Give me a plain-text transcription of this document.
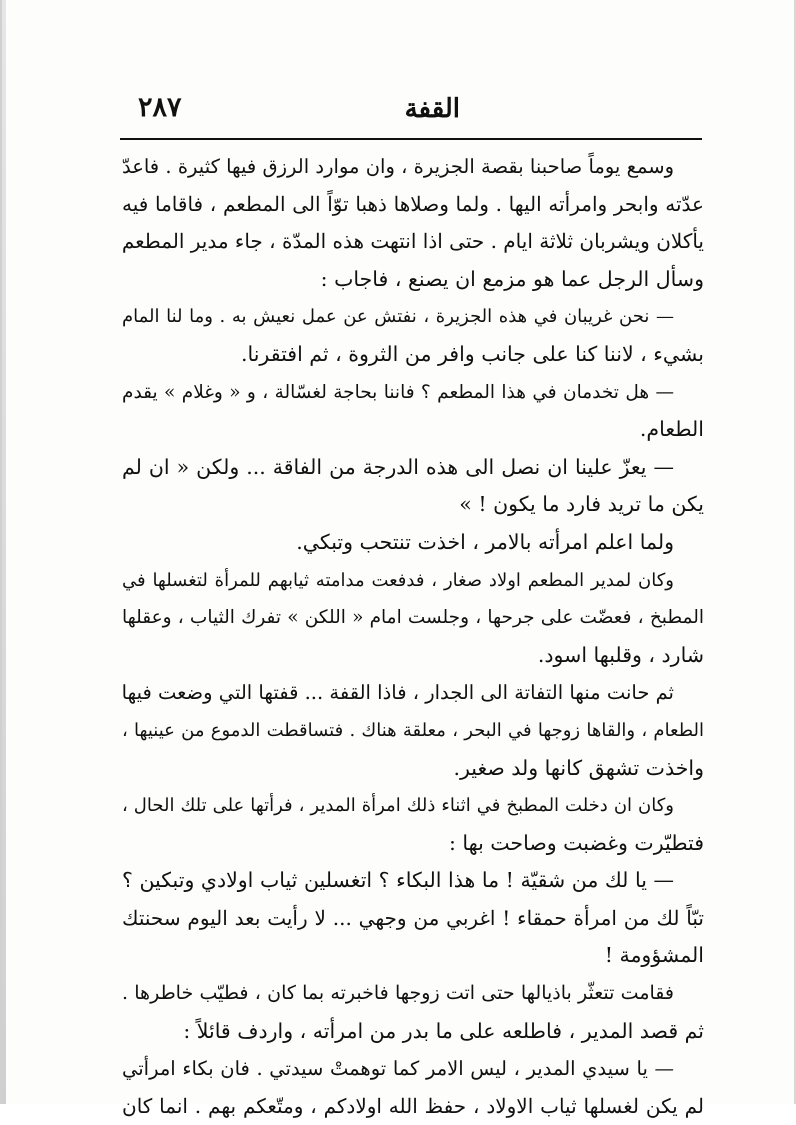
٢٨٧	القفة
وسمع يوماً صاحبنا بقصة الجزيرة ، وان موارد الرزق فيها كثيرة . فاعدّ
عدّته وابحر وامرأته اليها . ولما وصلاها ذهبا توّاً الى المطعم ، فاقاما فيه
يأكلان ويشربان ثلاثة ايام . حتى اذا انتهت هذه المدّة ، جاء مدير المطعم
وسأل الرجل عما هو مزمع ان يصنع ، فاجاب :
— نحن غريبان في هذه الجزيرة ، نفتش عن عمل نعيش به . وما لنا المام
بشيء ، لاننا كنا على جانب وافر من الثروة ، ثم افتقرنا.
— هل تخدمان في هذا المطعم ؟ فاننا بحاجة لغسّالة ، و « وغلام » يقدم
الطعام.
— يعزّ علينا ان نصل الى هذه الدرجة من الفاقة ... ولكن « ان لم
يكن ما تريد فارد ما يكون ! »
ولما اعلم امرأته بالامر ، اخذت تنتحب وتبكي.
وكان لمدير المطعم اولاد صغار ، فدفعت مدامته ثيابهم للمرأة لتغسلها في
المطبخ ، فعضّت على جرحها ، وجلست امام « اللكن » تفرك الثياب ، وعقلها
شارد ، وقلبها اسود.
ثم حانت منها التفاتة الى الجدار ، فاذا القفة ... قفتها التي وضعت فيها
الطعام ، والقاها زوجها في البحر ، معلقة هناك . فتساقطت الدموع من عينيها ،
واخذت تشهق كانها ولد صغير.
وكان ان دخلت المطبخ في اثناء ذلك امرأة المدير ، فرأتها على تلك الحال ،
فتطيّرت وغضبت وصاحت بها :
— يا لك من شقيّة ! ما هذا البكاء ؟ اتغسلين ثياب اولادي وتبكين ؟
تبّاً لك من امرأة حمقاء ! اغربي من وجهي ... لا رأيت بعد اليوم سحنتك
المشؤومة !
فقامت تتعثّر باذيالها حتى اتت زوجها فاخبرته بما كان ، فطيّب خاطرها .
ثم قصد المدير ، فاطلعه على ما بدر من امرأته ، واردف قائلاً :
— يا سيدي المدير ، ليس الامر كما توهمتْ سيدتي . فان بكاء امرأتي
لم يكن لغسلها ثياب الاولاد ، حفظ الله اولادكم ، ومتّعكم بهم . انما كان
